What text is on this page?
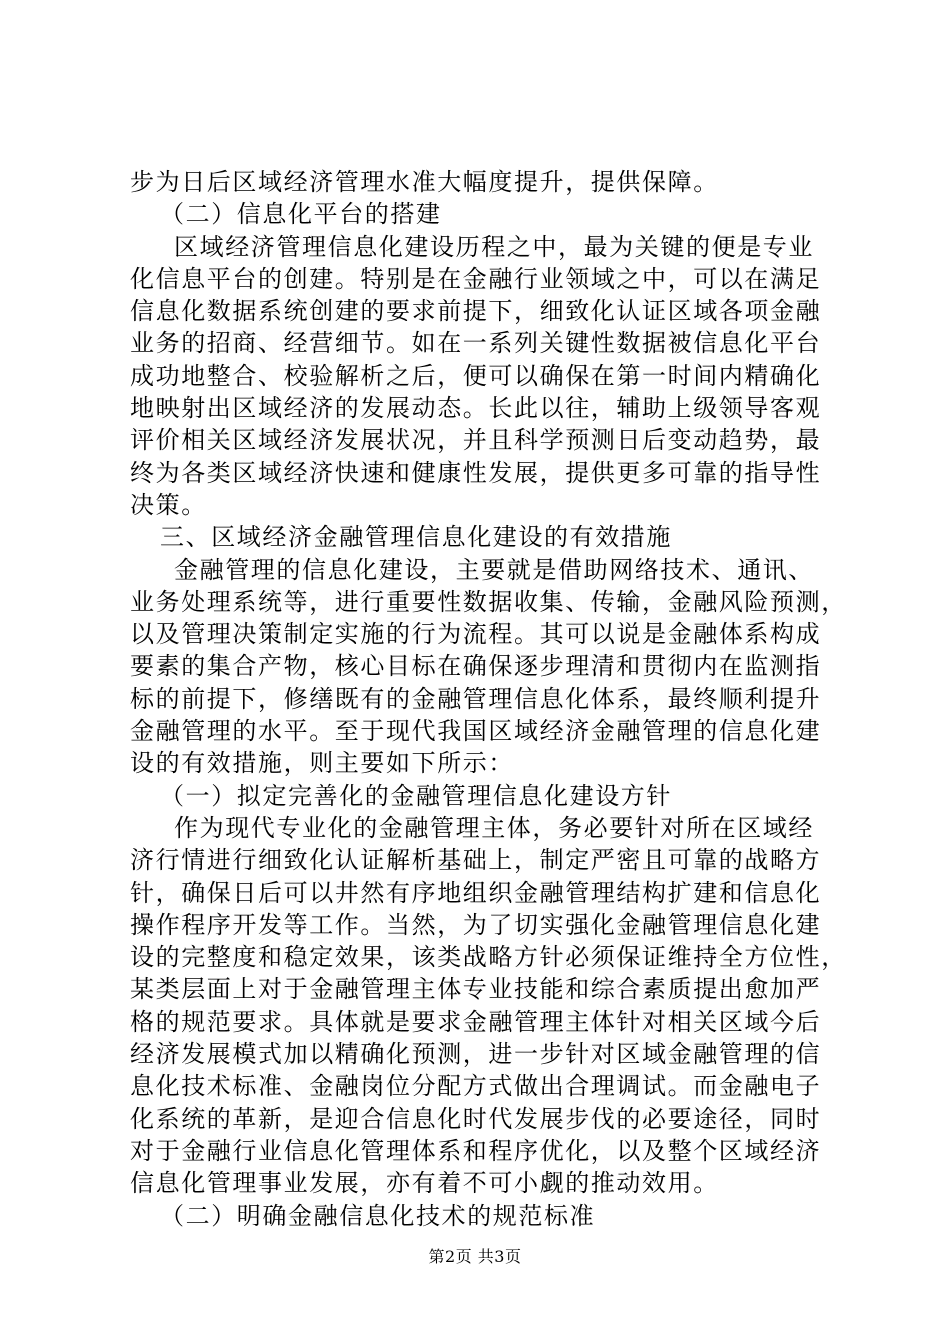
步为日后区域经济管理水准大幅度提升，提供保障。
（二）信息化平台的搭建
区域经济管理信息化建设历程之中，最为关键的便是专业
化信息平台的创建。特别是在金融行业领域之中，可以在满足
信息化数据系统创建的要求前提下，细致化认证区域各项金融
业务的招商、经营细节。如在一系列关键性数据被信息化平台
成功地整合、校验解析之后，便可以确保在第一时间内精确化
地映射出区域经济的发展动态。长此以往，辅助上级领导客观
评价相关区域经济发展状况，并且科学预测日后变动趋势，最
终为各类区域经济快速和健康性发展，提供更多可靠的指导性
决策。
三、区域经济金融管理信息化建设的有效措施
金融管理的信息化建设，主要就是借助网络技术、通讯、
业务处理系统等，进行重要性数据收集、传输，金融风险预测，
以及管理决策制定实施的行为流程。其可以说是金融体系构成
要素的集合产物，核心目标在确保逐步理清和贯彻内在监测指
标的前提下，修缮既有的金融管理信息化体系，最终顺利提升
金融管理的水平。至于现代我国区域经济金融管理的信息化建
设的有效措施，则主要如下所示：
（一）拟定完善化的金融管理信息化建设方针
作为现代专业化的金融管理主体，务必要针对所在区域经
济行情进行细致化认证解析基础上，制定严密且可靠的战略方
针，确保日后可以井然有序地组织金融管理结构扩建和信息化
操作程序开发等工作。当然，为了切实强化金融管理信息化建
设的完整度和稳定效果，该类战略方针必须保证维持全方位性，
某类层面上对于金融管理主体专业技能和综合素质提出愈加严
格的规范要求。具体就是要求金融管理主体针对相关区域今后
经济发展模式加以精确化预测，进一步针对区域金融管理的信
息化技术标准、金融岗位分配方式做出合理调试。而金融电子
化系统的革新，是迎合信息化时代发展步伐的必要途径，同时
对于金融行业信息化管理体系和程序优化，以及整个区域经济
信息化管理事业发展，亦有着不可小觑的推动效用。
（二）明确金融信息化技术的规范标准
第2页 共3页
